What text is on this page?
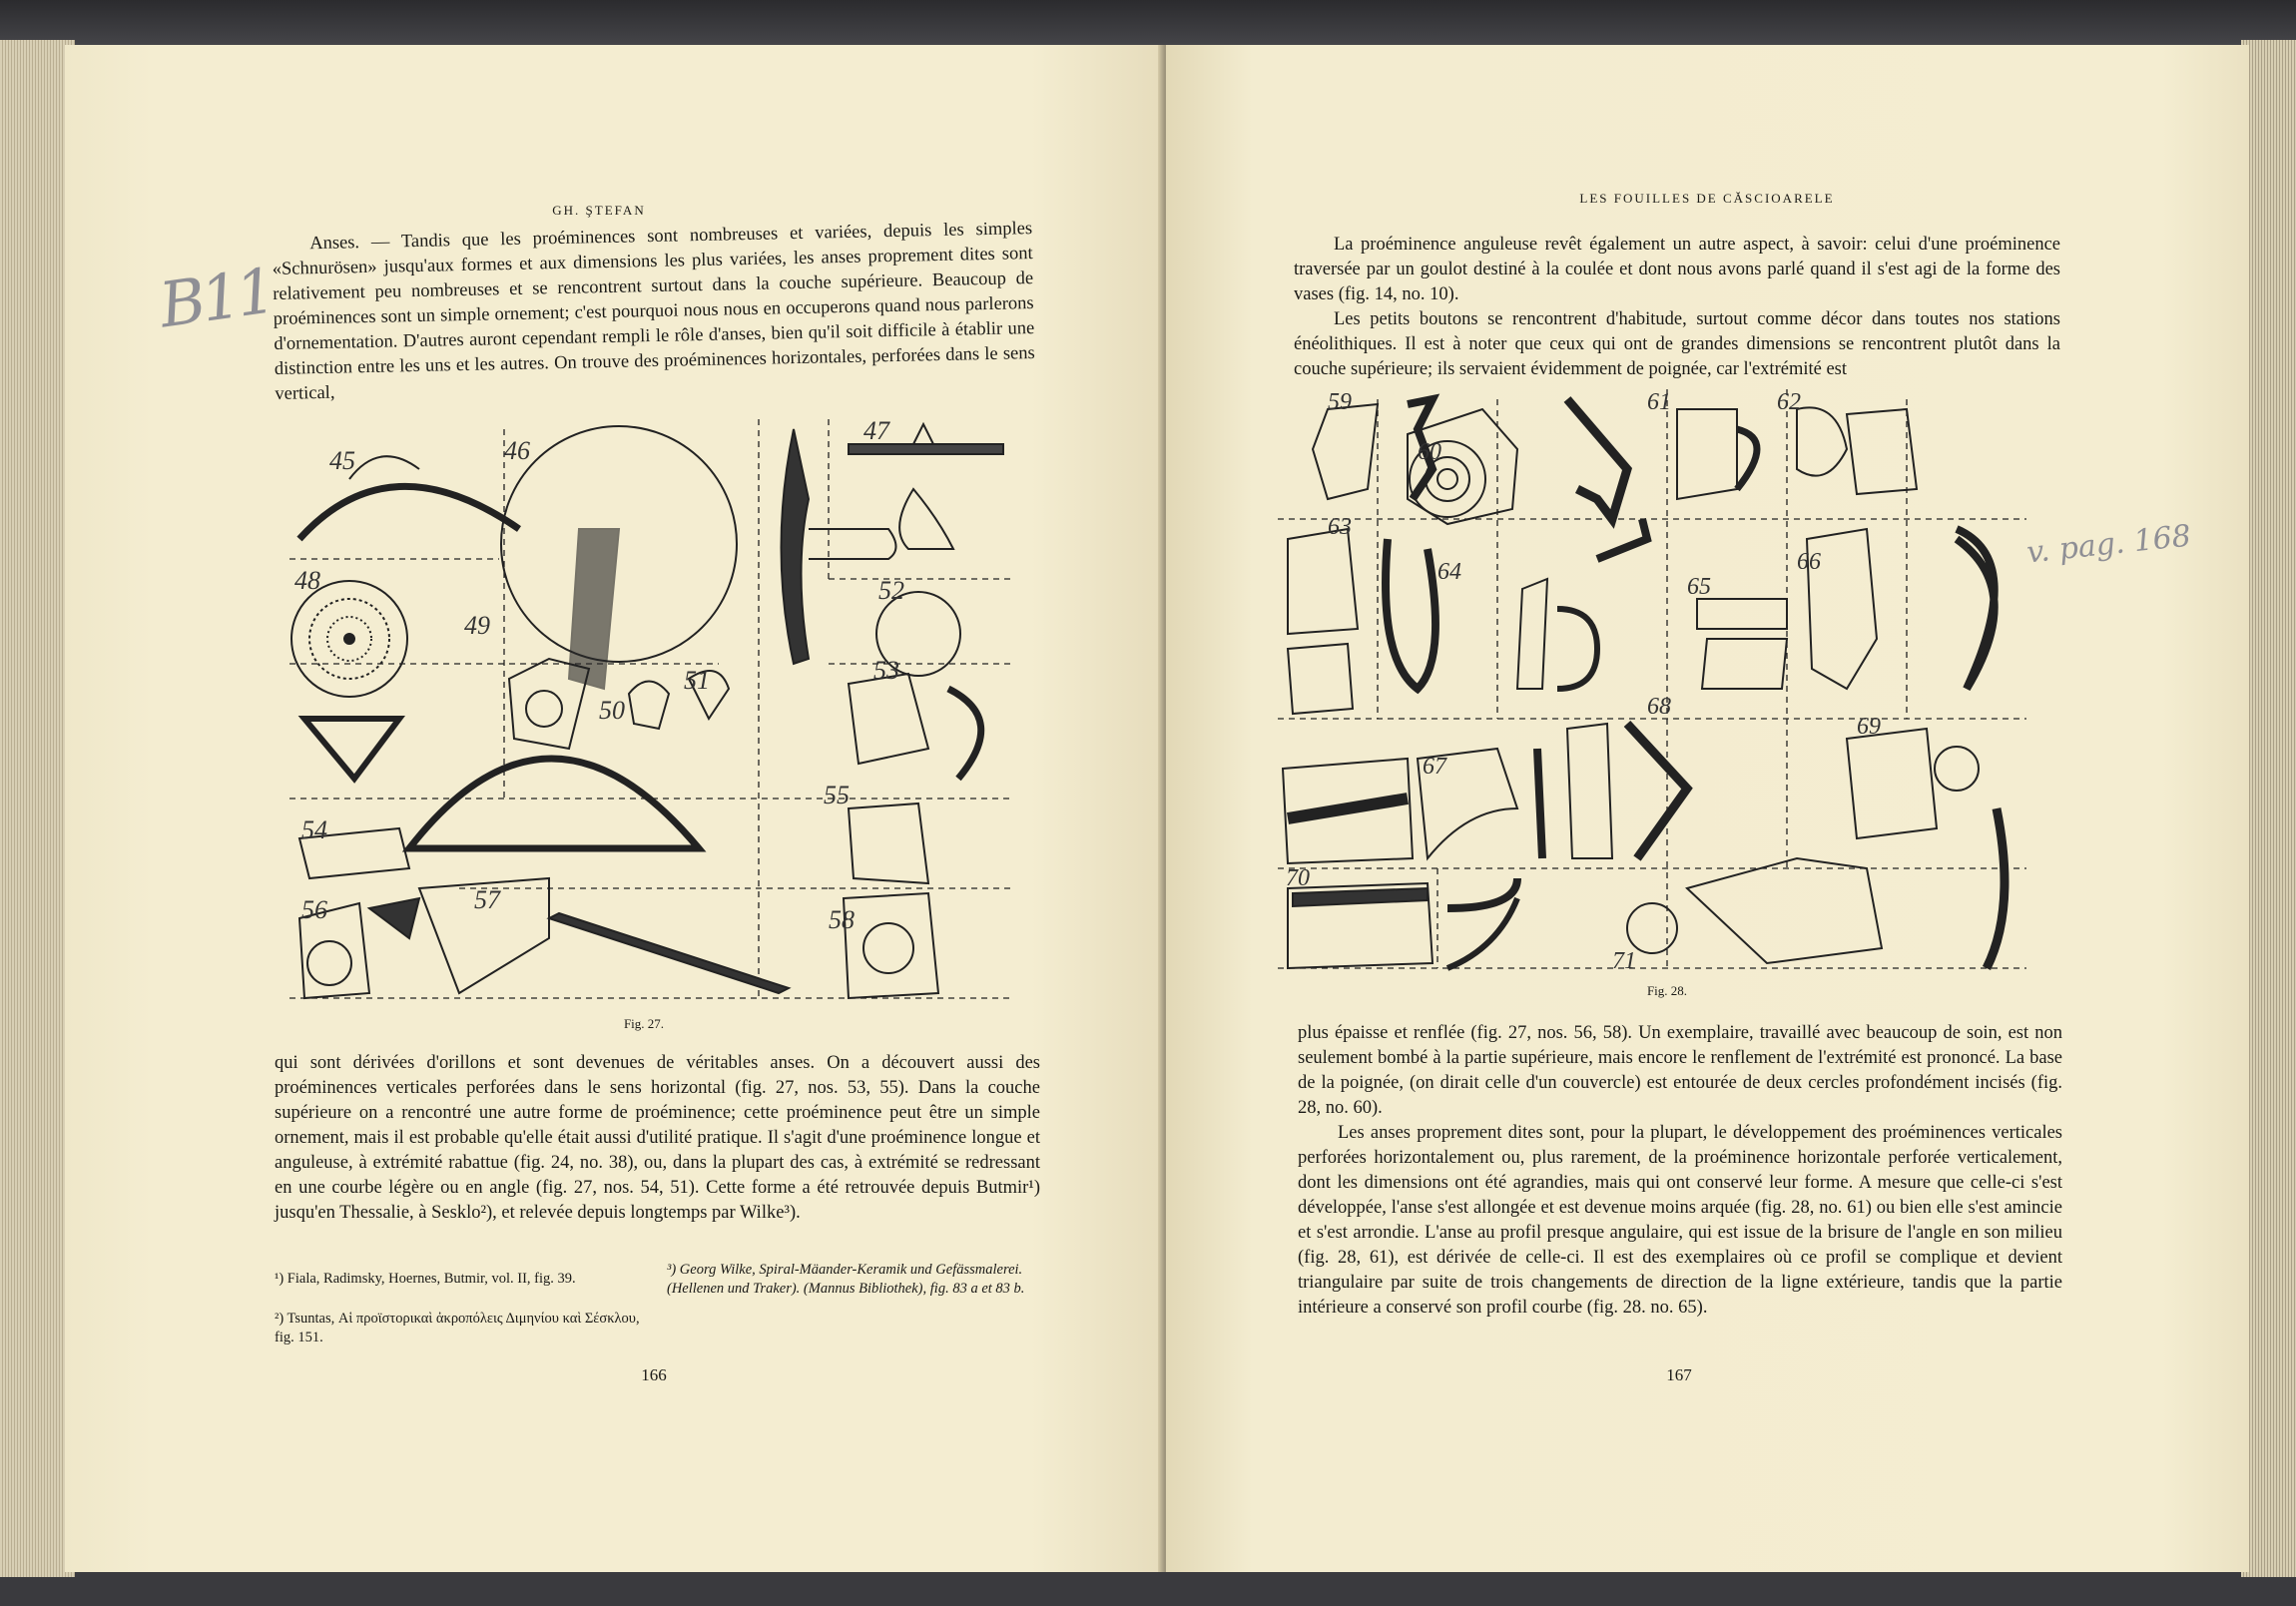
GH. ŞTEFAN
B11
Anses. — Tandis que les proéminences sont nombreuses et variées, depuis les simples «Schnurösen» jusqu'aux formes et aux dimensions les plus variées, les anses proprement dites sont relativement peu nombreuses et se rencontrent surtout dans la couche supérieure. Beaucoup de proéminences sont un simple ornement; c'est pourquoi nous nous en occuperons quand nous parlerons d'ornementation. D'autres auront cependant rempli le rôle d'anses, bien qu'il soit difficile à établir une distinction entre les uns et les autres. On trouve des proéminences horizontales, perforées dans le sens vertical,
45	46
47
48
49
50
51
52
53
54
55
56	57
58
Fig. 27.
qui sont dérivées d'orillons et sont devenues de véritables anses. On a découvert aussi des proéminences verticales perforées dans le sens horizontal (fig. 27, nos. 53, 55). Dans la couche supérieure on a rencontré une autre forme de proéminence; cette proéminence peut être un simple ornement, mais il est probable qu'elle était aussi d'utilité pratique. Il s'agit d'une proéminence longue et anguleuse, à extrémité rabattue (fig. 24, no. 38), ou, dans la plupart des cas, à extrémité se redressant en une courbe légère ou en angle (fig. 27, nos. 54, 51). Cette forme a été retrouvée depuis Butmir¹) jusqu'en Thessalie, à Sesklo²), et relevée depuis longtemps par Wilke³).
¹) Fiala, Radimsky, Hoernes, Butmir, vol. II, fig. 39.
²) Tsuntas, Αἱ προϊστορικαὶ ἀκροπόλεις Διμηνίου καὶ Σέσκλου, fig. 151.
³) Georg Wilke, Spiral-Mäander-Keramik und Gefässmalerei. (Hellenen und Traker). (Mannus Bibliothek), fig. 83 a et 83 b.
166
LES FOUILLES DE CĂSCIOARELE
La proéminence anguleuse revêt également un autre aspect, à savoir: celui d'une proéminence traversée par un goulot destiné à la coulée et dont nous avons parlé quand il s'est agi de la forme des vases (fig. 14, no. 10).
Les petits boutons se rencontrent d'habitude, surtout comme décor dans toutes nos stations énéolithiques. Il est à noter que ceux qui ont de grandes dimensions se rencontrent plutôt dans la couche supérieure; ils servaient évidemment de poignée, car l'extrémité est
59
60
61	62
63
64
65
66
67
68
69
70
71
v. pag. 168
Fig. 28.
plus épaisse et renflée (fig. 27, nos. 56, 58). Un exemplaire, travaillé avec beaucoup de soin, est non seulement bombé à la partie supérieure, mais encore le renflement de l'extrémité est prononcé. La base de la poignée, (on dirait celle d'un couvercle) est entourée de deux cercles profondément incisés (fig. 28, no. 60).
Les anses proprement dites sont, pour la plupart, le développement des proéminences verticales perforées horizontalement ou, plus rarement, de la proéminence horizontale perforée verticalement, dont les dimensions ont été agrandies, mais qui ont conservé leur forme. A mesure que celle-ci s'est développée, l'anse s'est allongée et est devenue moins arquée (fig. 28, no. 61) ou bien elle s'est amincie et s'est arrondie. L'anse au profil presque angulaire, qui est issue de la brisure de l'angle en son milieu (fig. 28, 61), est dérivée de celle-ci. Il est des exemplaires où ce profil se complique et devient triangulaire par suite de trois changements de direction de la ligne extérieure, tandis que la partie intérieure a conservé son profil courbe (fig. 28. no. 65).
167
